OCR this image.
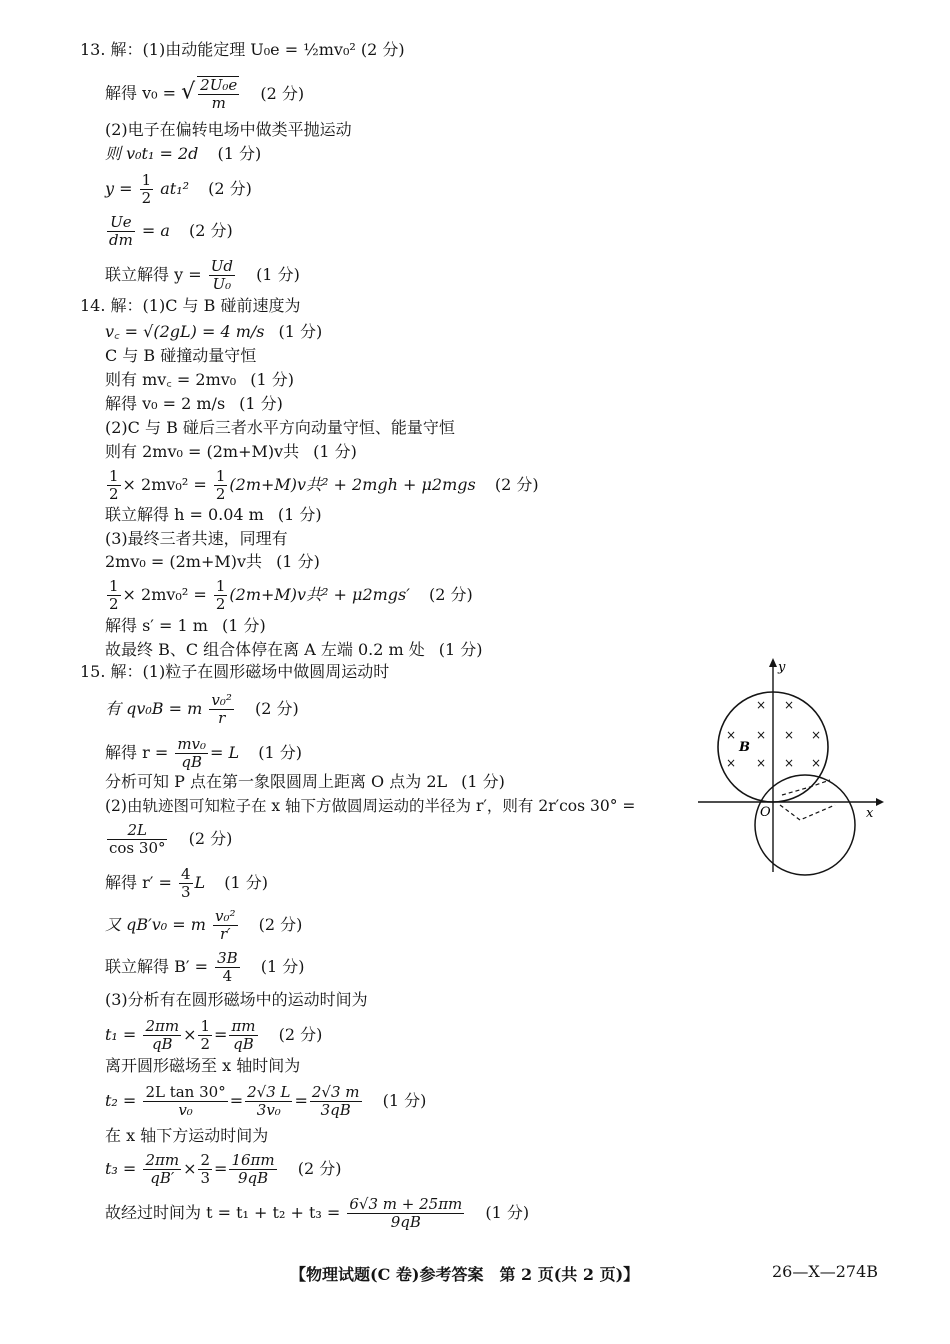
13. 解：(1)由动能定理 U₀e = ½mv₀² (2 分)
解得 v₀ = √ $\frac{\text{2U₀e}}{m} (2$ 分)
(2)电子在偏转电场中做类平抛运动
则 v₀t₁ = 2d (1 分)
$y = \frac{1}{2} at_1^2$ (2 分)
$\frac{Ue}{dm} = a$ (2 分)
联立解得 $y = \frac{Ud}{\text{U₀}} (1$ 分)
14. 解：(1)C 与 B 碰前速度为
v꜀ = √(2gL) = 4 m/s (1 分)
C 与 B 碰撞动量守恒
则有 mv꜀ = 2mv₀ (1 分)
解得 v₀ = 2 m/s (1 分)
(2)C 与 B 碰后三者水平方向动量守恒、能量守恒
则有 2mv₀ = (2m+M)v共 (1 分)
$\frac{1}{2} \times 2mv_0^2 = \frac{1}{2} (2m+M)v$共² + 2mgh + μ2mgs (2 分)
联立解得 h = 0.04 m (1 分)
(3)最终三者共速，同理有
2mv₀ = (2m+M)v共 (1 分)
$\frac{1}{2} \times 2mv_0^2 = \frac{1}{2} (2m+M)v$共² + μ2mgs′ (2 分)
解得 s′ = 1 m (1 分)
故最终 B、C 组合体停在离 A 左端 0.2 m 处 (1 分)
15. 解：(1)粒子在圆形磁场中做圆周运动时
有 qv₀B = m $\frac{\text{v₀²}}{r} (2$ 分)
解得 $r = \frac{\text{mv₀}}{qB} = L$ (1 分)
分析可知 P 点在第一象限圆周上距离 O 点为 2L (1 分)
(2)由轨迹图可知粒子在 x 轴下方做圆周运动的半径为 r′，则有 2r′cos 30° =
$\frac{2L}{\cos 30^\circ} (2$ 分)
解得 $r' = \frac{4}{3}$ L (1 分)
又 qB′v₀ = m $\frac{\text{v₀²}}{r'} (2$ 分)
联立解得 $B' = \frac{3B}{4} (1$ 分)
(3)分析有在圆形磁场中的运动时间为
$t_1 = \frac{2\pi m}{qB} \times \frac{1}{2} = \frac{\pi m}{qB} (2$ 分)
离开圆形磁场至 x 轴时间为
$t_2 = \frac{\text{2L tan 30°}}{\text{v₀}} = \frac{2√3 L}{\text{3v₀}} = \frac{2√3 m}{3qB} (1$ 分)
在 x 轴下方运动时间为
$t_3 = \frac{2\pi m}{qB'} \times \frac{2}{3} = \frac{16\pi m}{9qB} (2$ 分)
故经过时间为 $t = t_1 + t_2 + t_3 = \frac{6√3 m + 25\pi m}{9qB} (1$ 分)
x
y
O
B
× ×
× × × ×
× × ×
×
【物理试题(C 卷)参考答案　第 2 页(共 2 页)】	26—X—274B
